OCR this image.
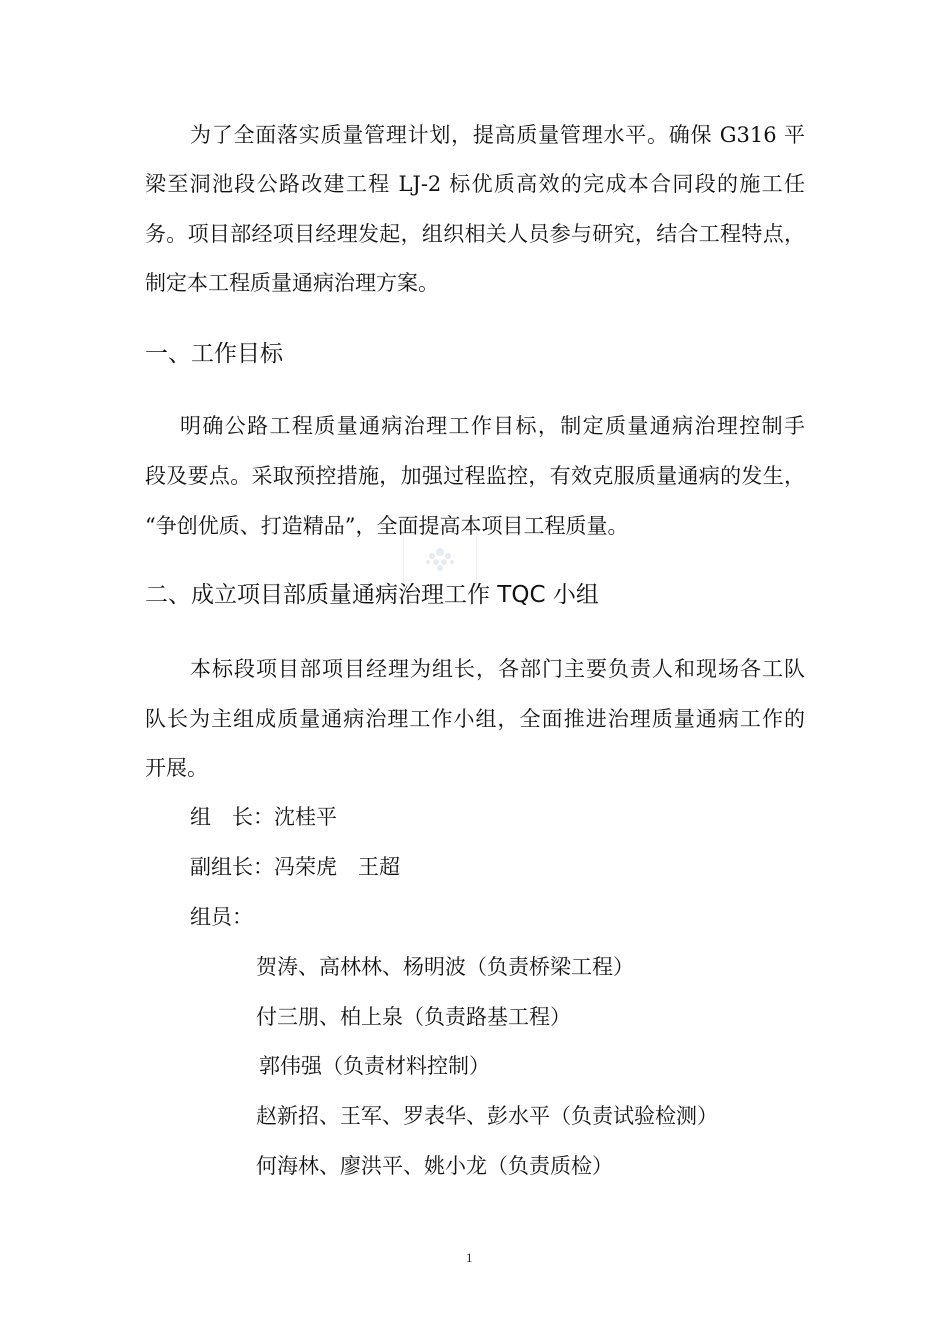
为了全面落实质量管理计划，提高质量管理水平。确保 G316 平
梁至洞池段公路改建工程 LJ-2 标优质高效的完成本合同段的施工任
务。项目部经项目经理发起，组织相关人员参与研究，结合工程特点，
制定本工程质量通病治理方案。
一、工作目标
明确公路工程质量通病治理工作目标，制定质量通病治理控制手
段及要点。采取预控措施，加强过程监控，有效克服质量通病的发生，
“争创优质、打造精品”，全面提高本项目工程质量。
二、成立项目部质量通病治理工作 TQC 小组
本标段项目部项目经理为组长，各部门主要负责人和现场各工队
队长为主组成质量通病治理工作小组，全面推进治理质量通病工作的
开展。
组　长：沈桂平
副组长：冯荣虎　王超
组员：
贺涛、高林林、杨明波（负责桥梁工程）
付三朋、柏上泉（负责路基工程）
郭伟强（负责材料控制）
赵新招、王军、罗表华、彭水平（负责试验检测）
何海林、廖洪平、姚小龙（负责质检）
1
